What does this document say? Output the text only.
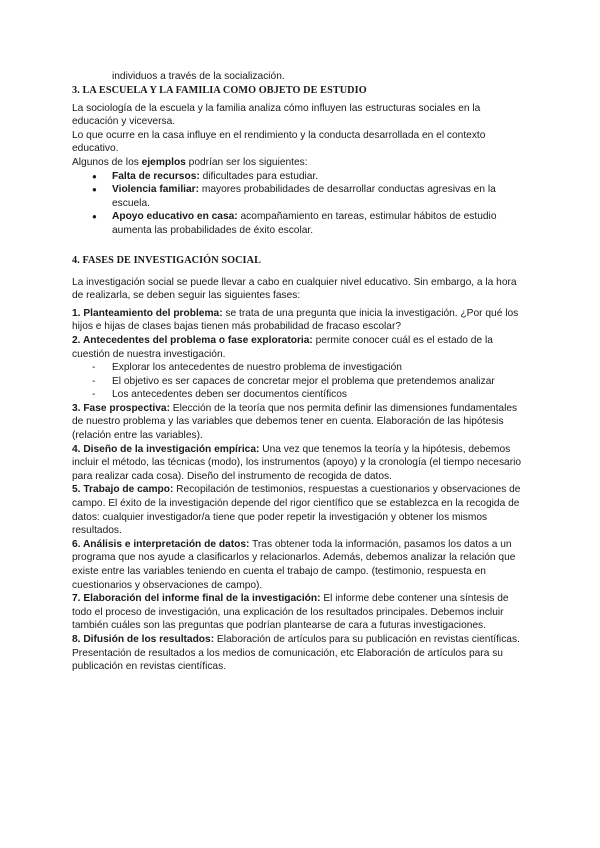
individuos a través de la socialización.

3. LA ESCUELA Y LA FAMILIA COMO OBJETO DE ESTUDIO

La sociología de la escuela y la familia analiza cómo influyen las estructuras sociales en la educación y viceversa.

Lo que ocurre en la casa influye en el rendimiento y la conducta desarrollada en el contexto educativo.

Algunos de los ejemplos podrían ser los siguientes:

● Falta de recursos: dificultades para estudiar.
● Violencia familiar: mayores probabilidades de desarrollar conductas agresivas en la escuela.
● Apoyo educativo en casa: acompañamiento en tareas, estimular hábitos de estudio aumenta las probabilidades de éxito escolar.
4. FASES DE INVESTIGACIÓN SOCIAL

La investigación social se puede llevar a cabo en cualquier nivel educativo. Sin embargo, a la hora de realizarla, se deben seguir las siguientes fases:

1. Planteamiento del problema: se trata de una pregunta que inicia la investigación. ¿Por qué los hijos e hijas de clases bajas tienen más probabilidad de fracaso escolar?

2. Antecedentes del problema o fase exploratoria: permite conocer cuál es el estado de la cuestión de nuestra investigación.

- Explorar los antecedentes de nuestro problema de investigación
- El objetivo es ser capaces de concretar mejor el problema que pretendemos analizar
- Los antecedentes deben ser documentos científicos

3. Fase prospectiva: Elección de la teoría que nos permita definir las dimensiones fundamentales de nuestro problema y las variables que debemos tener en cuenta. Elaboración de las hipótesis (relación entre las variables).

4. Diseño de la investigación empírica: Una vez que tenemos la teoría y la hipótesis, debemos incluir el método, las técnicas (modo), los instrumentos (apoyo) y la cronología (el tiempo necesario para realizar cada cosa). Diseño del instrumento de recogida de datos.

5. Trabajo de campo: Recopilación de testimonios, respuestas a cuestionarios y observaciones de campo. El éxito de la investigación depende del rigor científico que se establezca en la recogida de datos: cualquier investigador/a tiene que poder repetir la investigación y obtener los mismos resultados.

6. Análisis e interpretación de datos: Tras obtener toda la información, pasamos los datos a un programa que nos ayude a clasificarlos y relacionarlos. Además, debemos analizar la relación que existe entre las variables teniendo en cuenta el trabajo de campo. (testimonio, respuesta en cuestionarios y observaciones de campo).

7. Elaboración del informe final de la investigación: El informe debe contener una síntesis de todo el proceso de investigación, una explicación de los resultados principales. Debemos incluir también cuáles son las preguntas que podrían plantearse de cara a futuras investigaciones.

8. Difusión de los resultados: Elaboración de artículos para su publicación en revistas científicas. Presentación de resultados a los medios de comunicación, etc Elaboración de artículos para su publicación en revistas científicas.
